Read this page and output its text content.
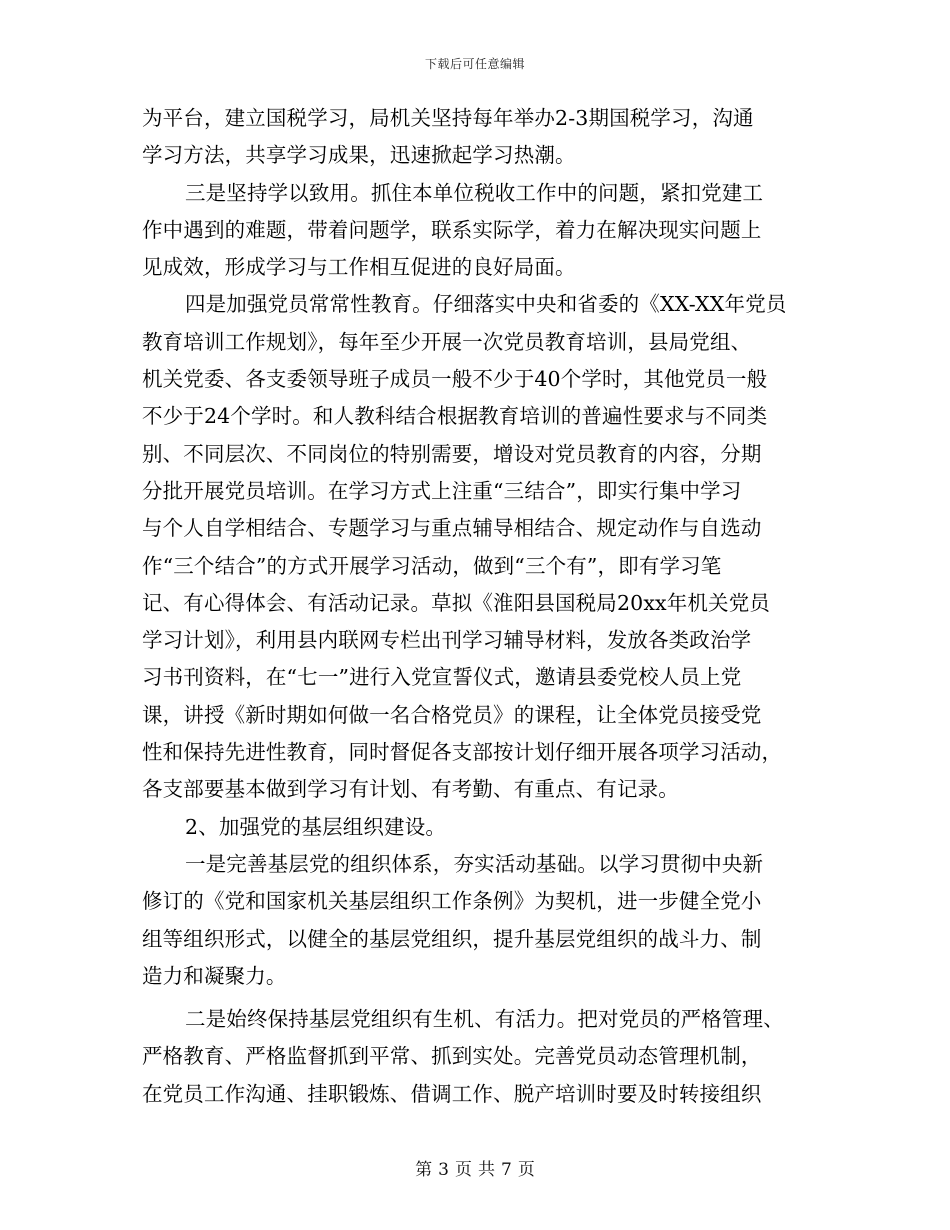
下载后可任意编辑
为平台，建立国税学习，局机关坚持每年举办2-3期国税学习，沟通
学习方法，共享学习成果，迅速掀起学习热潮。
三是坚持学以致用。抓住本单位税收工作中的问题，紧扣党建工
作中遇到的难题，带着问题学，联系实际学，着力在解决现实问题上
见成效，形成学习与工作相互促进的良好局面。
四是加强党员常常性教育。仔细落实中央和省委的《XX-XX年党员
教育培训工作规划》，每年至少开展一次党员教育培训，县局党组、
机关党委、各支委领导班子成员一般不少于40个学时，其他党员一般
不少于24个学时。和人教科结合根据教育培训的普遍性要求与不同类
别、不同层次、不同岗位的特别需要，增设对党员教育的内容，分期
分批开展党员培训。在学习方式上注重“三结合”，即实行集中学习
与个人自学相结合、专题学习与重点辅导相结合、规定动作与自选动
作“三个结合”的方式开展学习活动，做到“三个有”，即有学习笔
记、有心得体会、有活动记录。草拟《淮阳县国税局20xx年机关党员
学习计划》，利用县内联网专栏出刊学习辅导材料，发放各类政治学
习书刊资料，在“七一”进行入党宣誓仪式，邀请县委党校人员上党
课，讲授《新时期如何做一名合格党员》的课程，让全体党员接受党
性和保持先进性教育，同时督促各支部按计划仔细开展各项学习活动，
各支部要基本做到学习有计划、有考勤、有重点、有记录。
2、加强党的基层组织建设。
一是完善基层党的组织体系，夯实活动基础。以学习贯彻中央新
修订的《党和国家机关基层组织工作条例》为契机，进一步健全党小
组等组织形式，以健全的基层党组织，提升基层党组织的战斗力、制
造力和凝聚力。
二是始终保持基层党组织有生机、有活力。把对党员的严格管理、
严格教育、严格监督抓到平常、抓到实处。完善党员动态管理机制，
在党员工作沟通、挂职锻炼、借调工作、脱产培训时要及时转接组织
第 3 页 共 7 页
